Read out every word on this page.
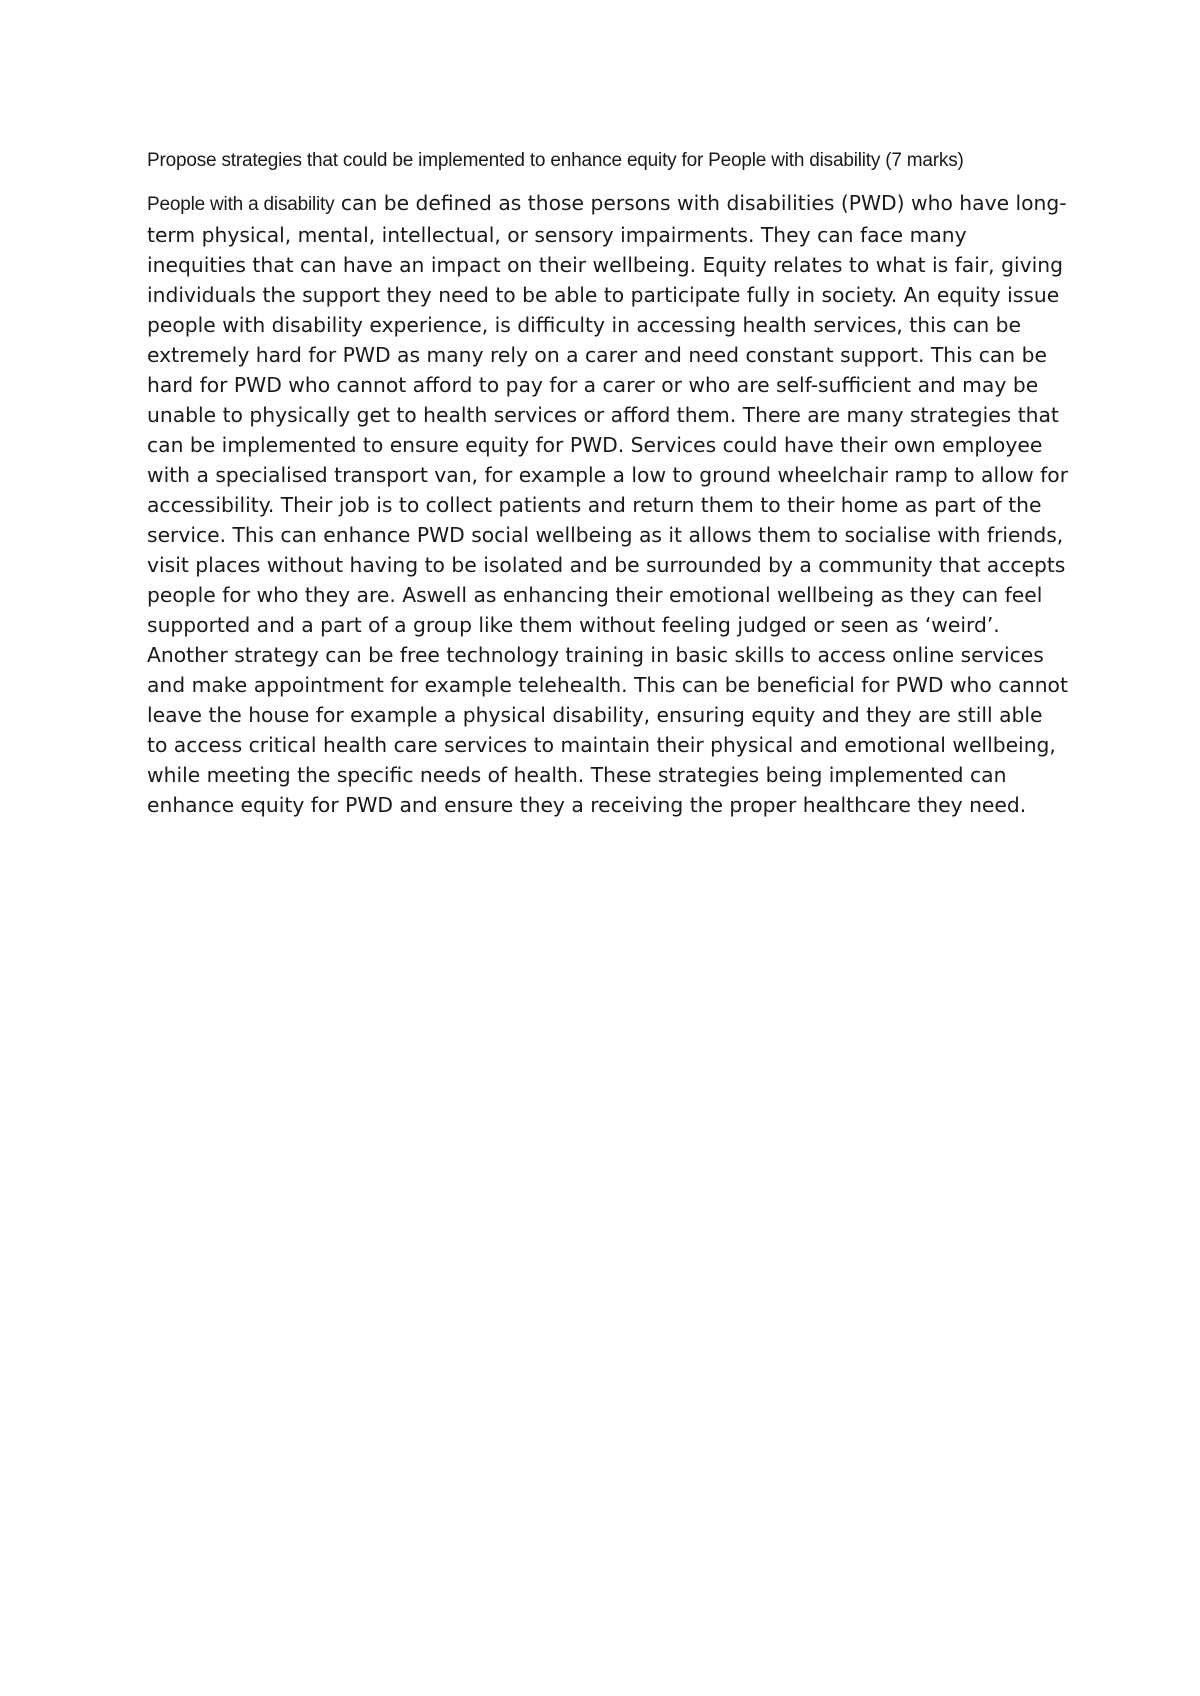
Propose strategies that could be implemented to enhance equity for People with disability (7 marks)

People with a disability can be defined as those persons with disabilities (PWD) who have long-term physical, mental, intellectual, or sensory impairments. They can face many inequities that can have an impact on their wellbeing. Equity relates to what is fair, giving individuals the support they need to be able to participate fully in society. An equity issue people with disability experience, is difficulty in accessing health services, this can be extremely hard for PWD as many rely on a carer and need constant support. This can be hard for PWD who cannot afford to pay for a carer or who are self-sufficient and may be unable to physically get to health services or afford them. There are many strategies that can be implemented to ensure equity for PWD. Services could have their own employee with a specialised transport van, for example a low to ground wheelchair ramp to allow for accessibility. Their job is to collect patients and return them to their home as part of the service. This can enhance PWD social wellbeing as it allows them to socialise with friends, visit places without having to be isolated and be surrounded by a community that accepts people for who they are. Aswell as enhancing their emotional wellbeing as they can feel supported and a part of a group like them without feeling judged or seen as ‘weird’. Another strategy can be free technology training in basic skills to access online services and make appointment for example telehealth. This can be beneficial for PWD who cannot leave the house for example a physical disability, ensuring equity and they are still able to access critical health care services to maintain their physical and emotional wellbeing, while meeting the specific needs of health. These strategies being implemented can enhance equity for PWD and ensure they a receiving the proper healthcare they need.
